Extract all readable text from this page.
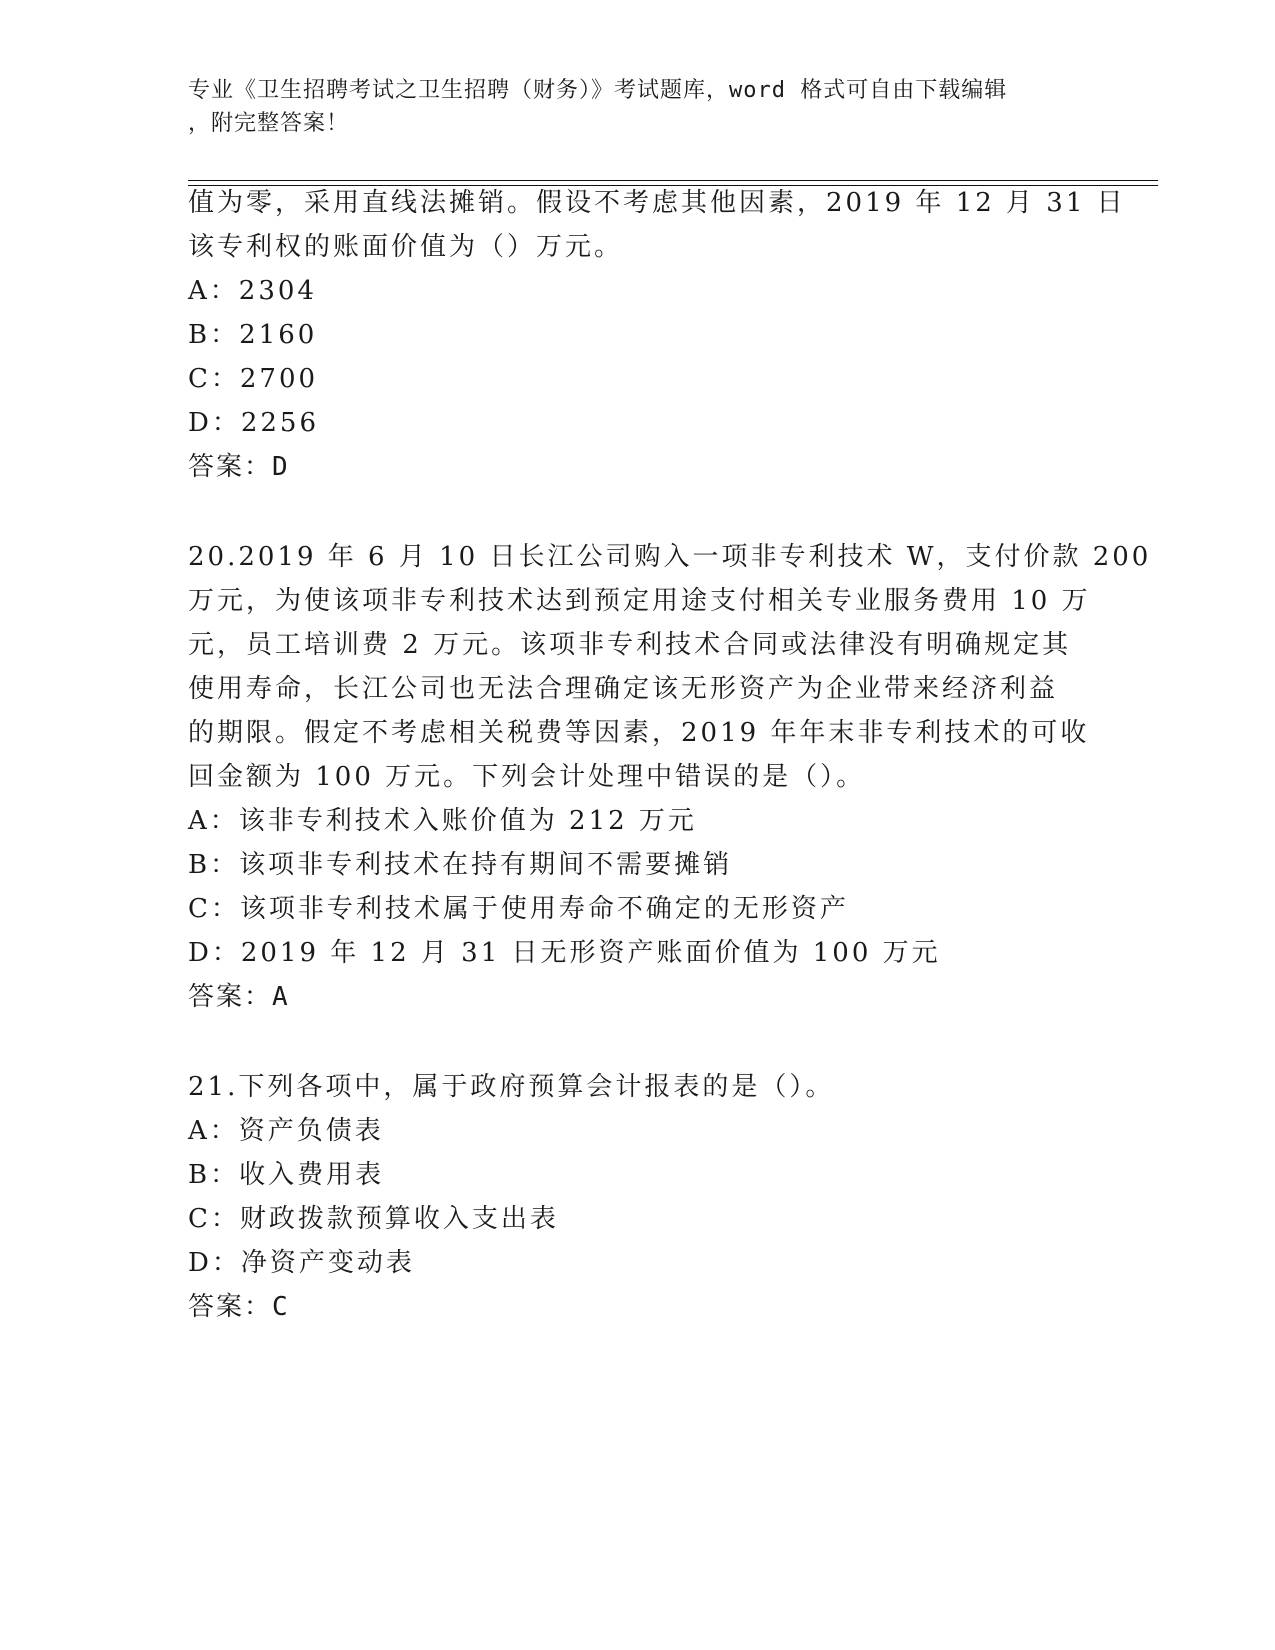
专业《卫生招聘考试之卫生招聘（财务）》考试题库，word 格式可自由下载编辑
，附完整答案！
值为零，采用直线法摊销。假设不考虑其他因素，2019 年 12 月 31 日
该专利权的账面价值为（）万元。
A：2304
B：2160
C：2700
D：2256
答案：D
20.2019 年 6 月 10 日长江公司购入一项非专利技术 W，支付价款 200
万元，为使该项非专利技术达到预定用途支付相关专业服务费用 10 万
元，员工培训费 2 万元。该项非专利技术合同或法律没有明确规定其
使用寿命，长江公司也无法合理确定该无形资产为企业带来经济利益
的期限。假定不考虑相关税费等因素，2019 年年末非专利技术的可收
回金额为 100 万元。下列会计处理中错误的是（）。
A：该非专利技术入账价值为 212 万元
B：该项非专利技术在持有期间不需要摊销
C：该项非专利技术属于使用寿命不确定的无形资产
D：2019 年 12 月 31 日无形资产账面价值为 100 万元
答案：A
21.下列各项中，属于政府预算会计报表的是（）。
A：资产负债表
B：收入费用表
C：财政拨款预算收入支出表
D：净资产变动表
答案：C
